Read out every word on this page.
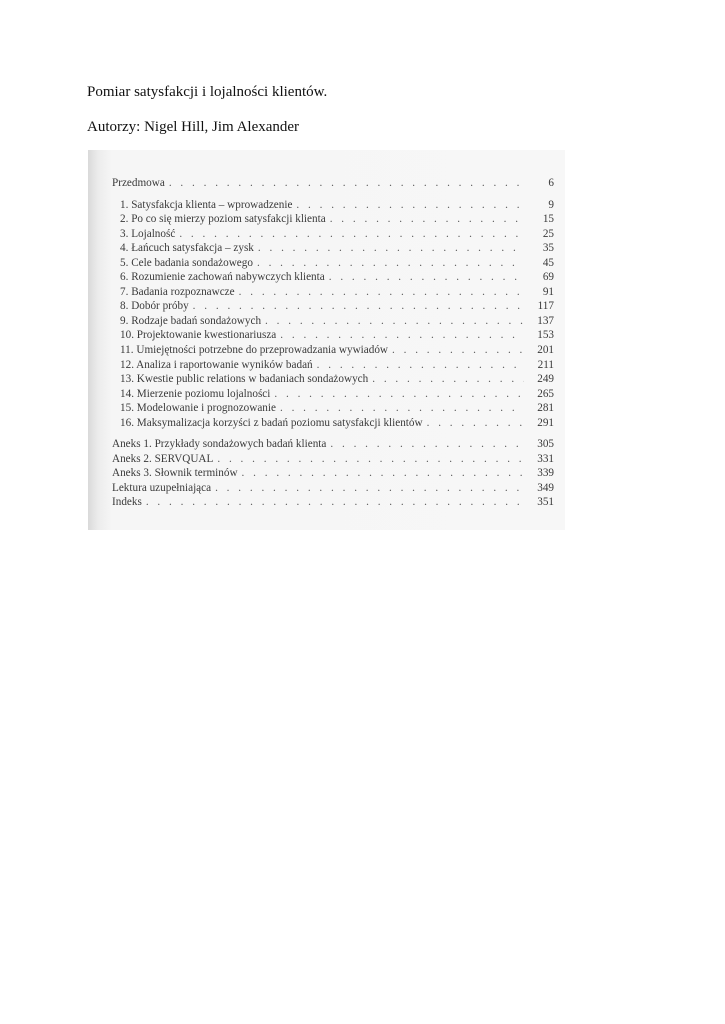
Pomiar satysfakcji i lojalności klientów.
Autorzy: Nigel Hill, Jim Alexander
Przedmowa . . .	6
1. Satysfakcja klienta – wprowadzenie . . .	9
2. Po co się mierzy poziom satysfakcji klienta . . .	15
3. Lojalność . . .	25
4. Łańcuch satysfakcja – zysk . . .	35
5. Cele badania sondażowego . . .	45
6. Rozumienie zachowań nabywczych klienta . . .	69
7. Badania rozpoznawcze . . .	91
8. Dobór próby . . .	117
9. Rodzaje badań sondażowych . . .	137
10. Projektowanie kwestionariusza . . .	153
11. Umiejętności potrzebne do przeprowadzania wywiadów . . .	201
12. Analiza i raportowanie wyników badań . . .	211
13. Kwestie public relations w badaniach sondażowych . . .	249
14. Mierzenie poziomu lojalności . . .	265
15. Modelowanie i prognozowanie . . .	281
16. Maksymalizacja korzyści z badań poziomu satysfakcji klientów . . .	291
Aneks 1. Przykłady sondażowych badań klienta . . .	305
Aneks 2. SERVQUAL . . .	331
Aneks 3. Słownik terminów . . .	339
Lektura uzupełniająca . . .	349
Indeks . . .	351
